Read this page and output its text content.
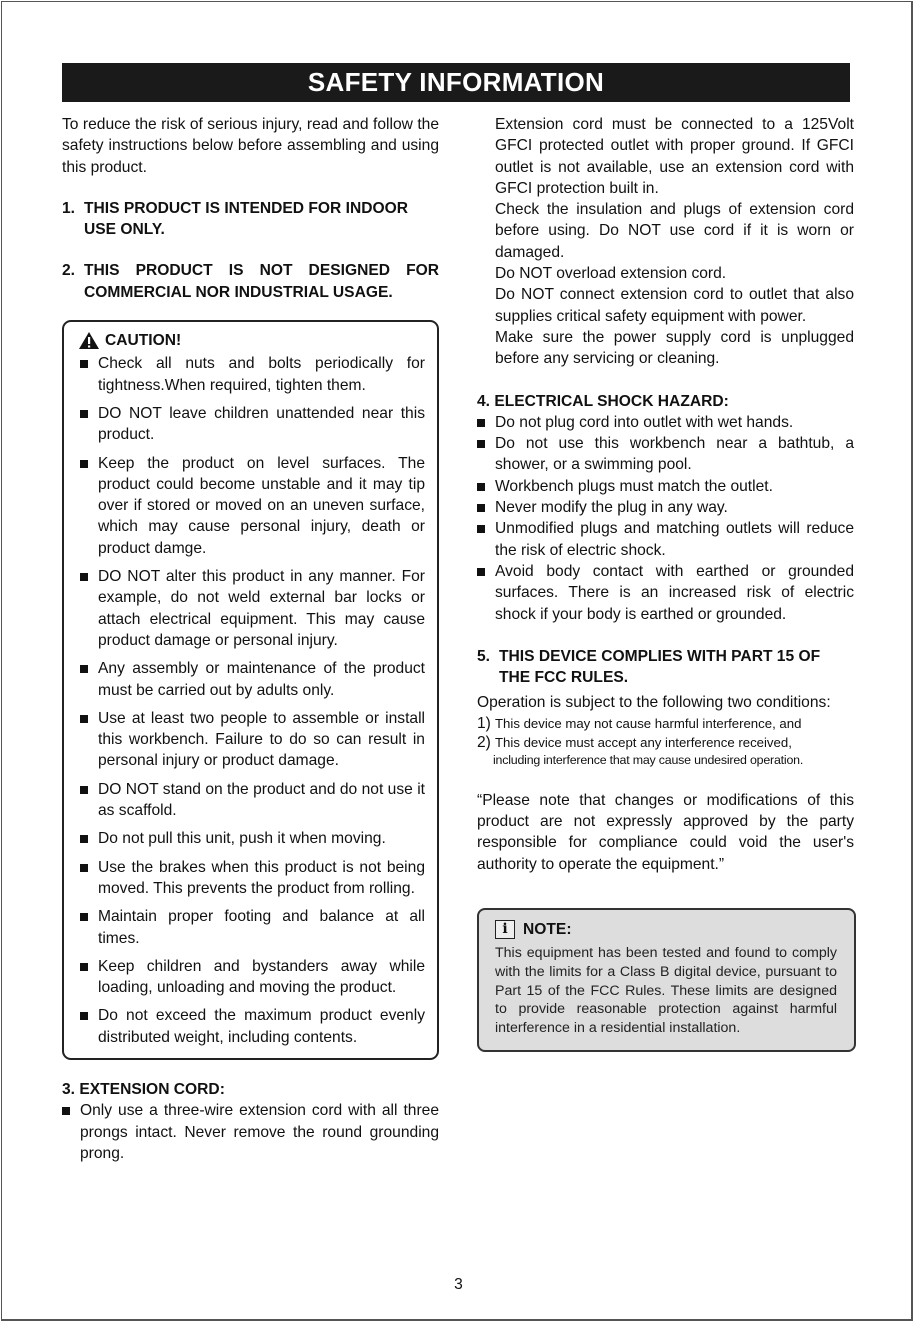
SAFETY INFORMATION

To reduce the risk of serious injury, read and follow the safety instructions below before assembling and using this product.

1. THIS PRODUCT IS INTENDED FOR INDOOR USE ONLY.
2. THIS PRODUCT IS NOT DESIGNED FOR COMMERCIAL NOR INDUSTRIAL USAGE.
CAUTION!
Check all nuts and bolts periodically for tightness.When required, tighten them.
DO NOT leave children unattended near this product.
Keep the product on level surfaces. The product could become unstable and it may tip over if stored or moved on an uneven surface, which may cause personal injury, death or product damge.
DO NOT alter this product in any manner. For example, do not weld external bar locks or attach electrical equipment. This may cause product damage or personal injury.
Any assembly or maintenance of the product must be carried out by adults only.
Use at least two people to assemble or install this workbench. Failure to do so can result in personal injury or product damage.
DO NOT stand on the product and do not use it as scaffold.
Do not pull this unit, push it when moving.
Use the brakes when this product is not being moved. This prevents the product from rolling.
Maintain proper footing and balance at all times.
Keep children and bystanders away while loading, unloading and moving the product.
Do not exceed the maximum product evenly distributed weight, including contents.

3. EXTENSION CORD:

Only use a three-wire extension cord with all three prongs intact. Never remove the round grounding prong.

Extension cord must be connected to a 125Volt GFCI protected outlet with proper ground. If GFCI outlet is not available, use an extension cord with GFCI protection built in.

Check the insulation and plugs of extension cord before using. Do NOT use cord if it is worn or damaged.

Do NOT overload extension cord.

Do NOT connect extension cord to outlet that also supplies critical safety equipment with power.

Make sure the power supply cord is unplugged before any servicing or cleaning.

4. ELECTRICAL SHOCK HAZARD:

Do not plug cord into outlet with wet hands.
Do not use this workbench near a bathtub, a shower, or a swimming pool.
Workbench plugs must match the outlet.
Never modify the plug in any way.
Unmodified plugs and matching outlets will reduce the risk of electric shock.
Avoid body contact with earthed or grounded surfaces. There is an increased risk of electric shock if your body is earthed or grounded.
5. THIS DEVICE COMPLIES WITH PART 15 OF THE FCC RULES.

Operation is subject to the following two conditions:

1) This device may not cause harmful interference, and
2) This device must accept any interference received,

including interference that may cause undesired operation.

“Please note that changes or modifications of this product are not expressly approved by the party responsible for compliance could void the user's authority to operate the equipment.”

i NOTE:

This equipment has been tested and found to comply with the limits for a Class B digital device, pursuant to Part 15 of the FCC Rules. These limits are designed to provide reasonable protection against harmful interference in a residential installation.

3
